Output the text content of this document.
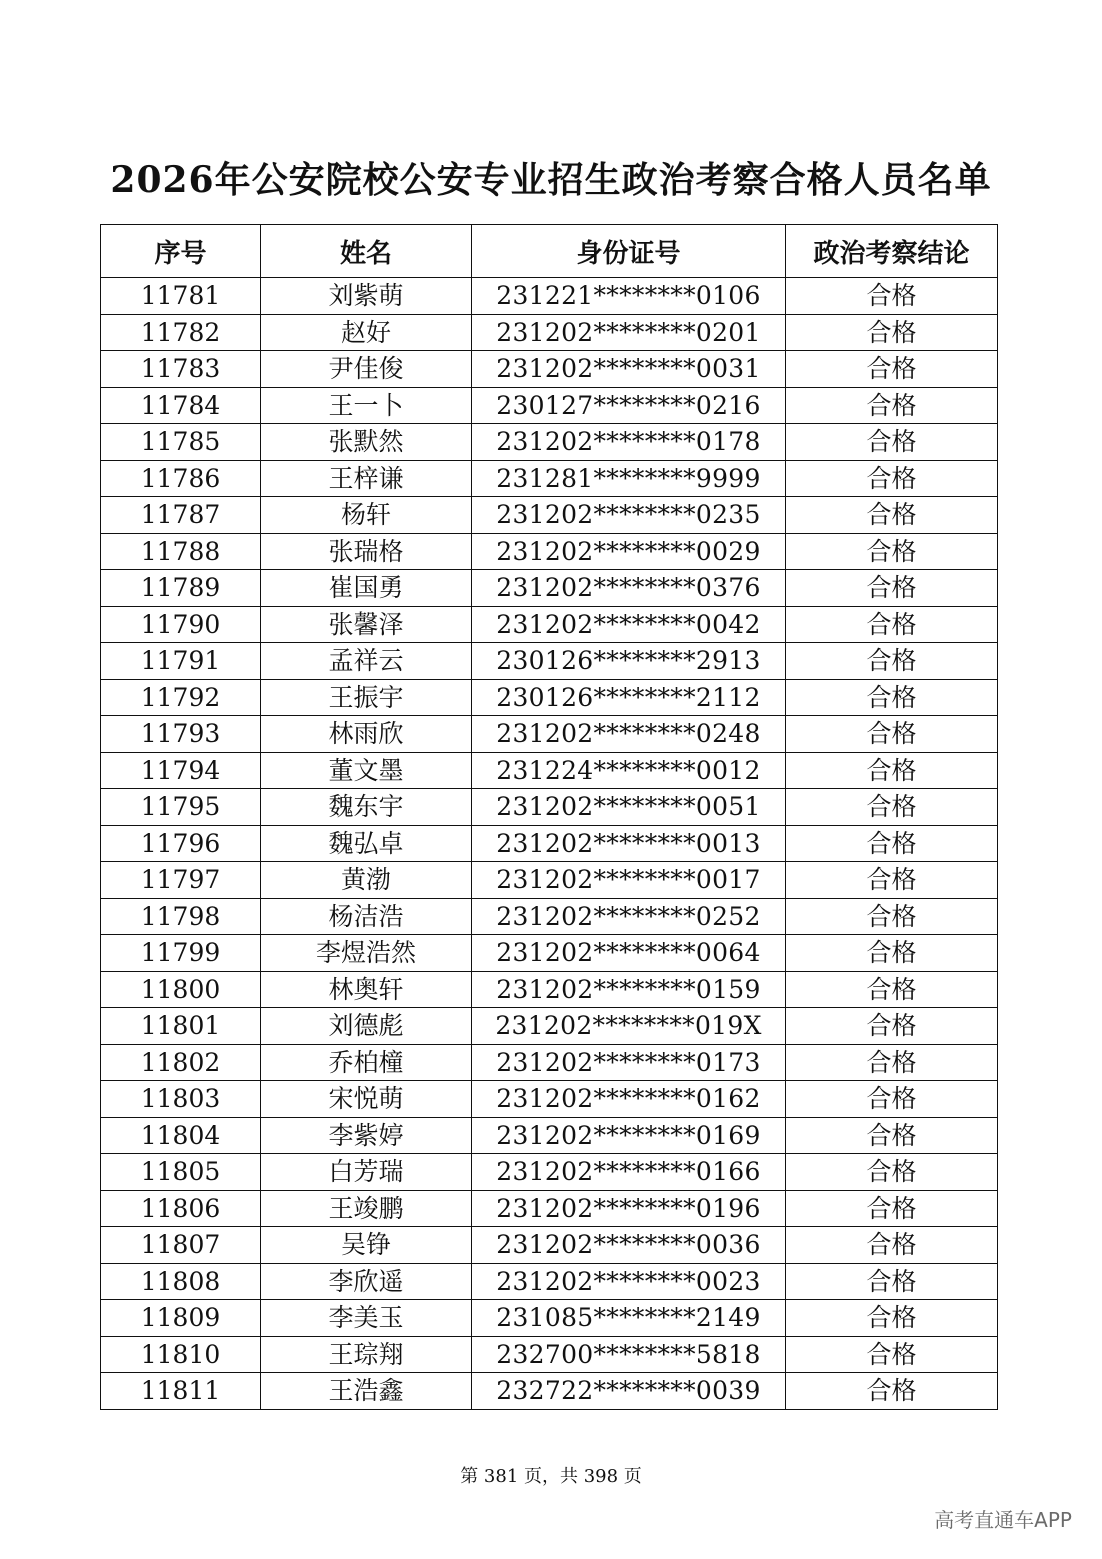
2026年公安院校公安专业招生政治考察合格人员名单
序号	姓名	身份证号	政治考察结论
11781	刘紫萌	231221********0106	合格
11782	赵好	231202********0201	合格
11783	尹佳俊	231202********0031	合格
11784	王一卜	230127********0216	合格
11785	张默然	231202********0178	合格
11786	王梓谦	231281********9999	合格
11787	杨轩	231202********0235	合格
11788	张瑞格	231202********0029	合格
11789	崔国勇	231202********0376	合格
11790	张馨泽	231202********0042	合格
11791	孟祥云	230126********2913	合格
11792	王振宇	230126********2112	合格
11793	林雨欣	231202********0248	合格
11794	董文墨	231224********0012	合格
11795	魏东宇	231202********0051	合格
11796	魏弘卓	231202********0013	合格
11797	黄渤	231202********0017	合格
11798	杨洁浩	231202********0252	合格
11799	李煜浩然	231202********0064	合格
11800	林奥轩	231202********0159	合格
11801	刘德彪	231202********019X	合格
11802	乔柏橦	231202********0173	合格
11803	宋悦萌	231202********0162	合格
11804	李紫婷	231202********0169	合格
11805	白芳瑞	231202********0166	合格
11806	王竣鹏	231202********0196	合格
11807	吴铮	231202********0036	合格
11808	李欣遥	231202********0023	合格
11809	李美玉	231085********2149	合格
11810	王琮翔	232700********5818	合格
11811	王浩鑫	232722********0039	合格
第 381 页，共 398 页
高考直通车APP
